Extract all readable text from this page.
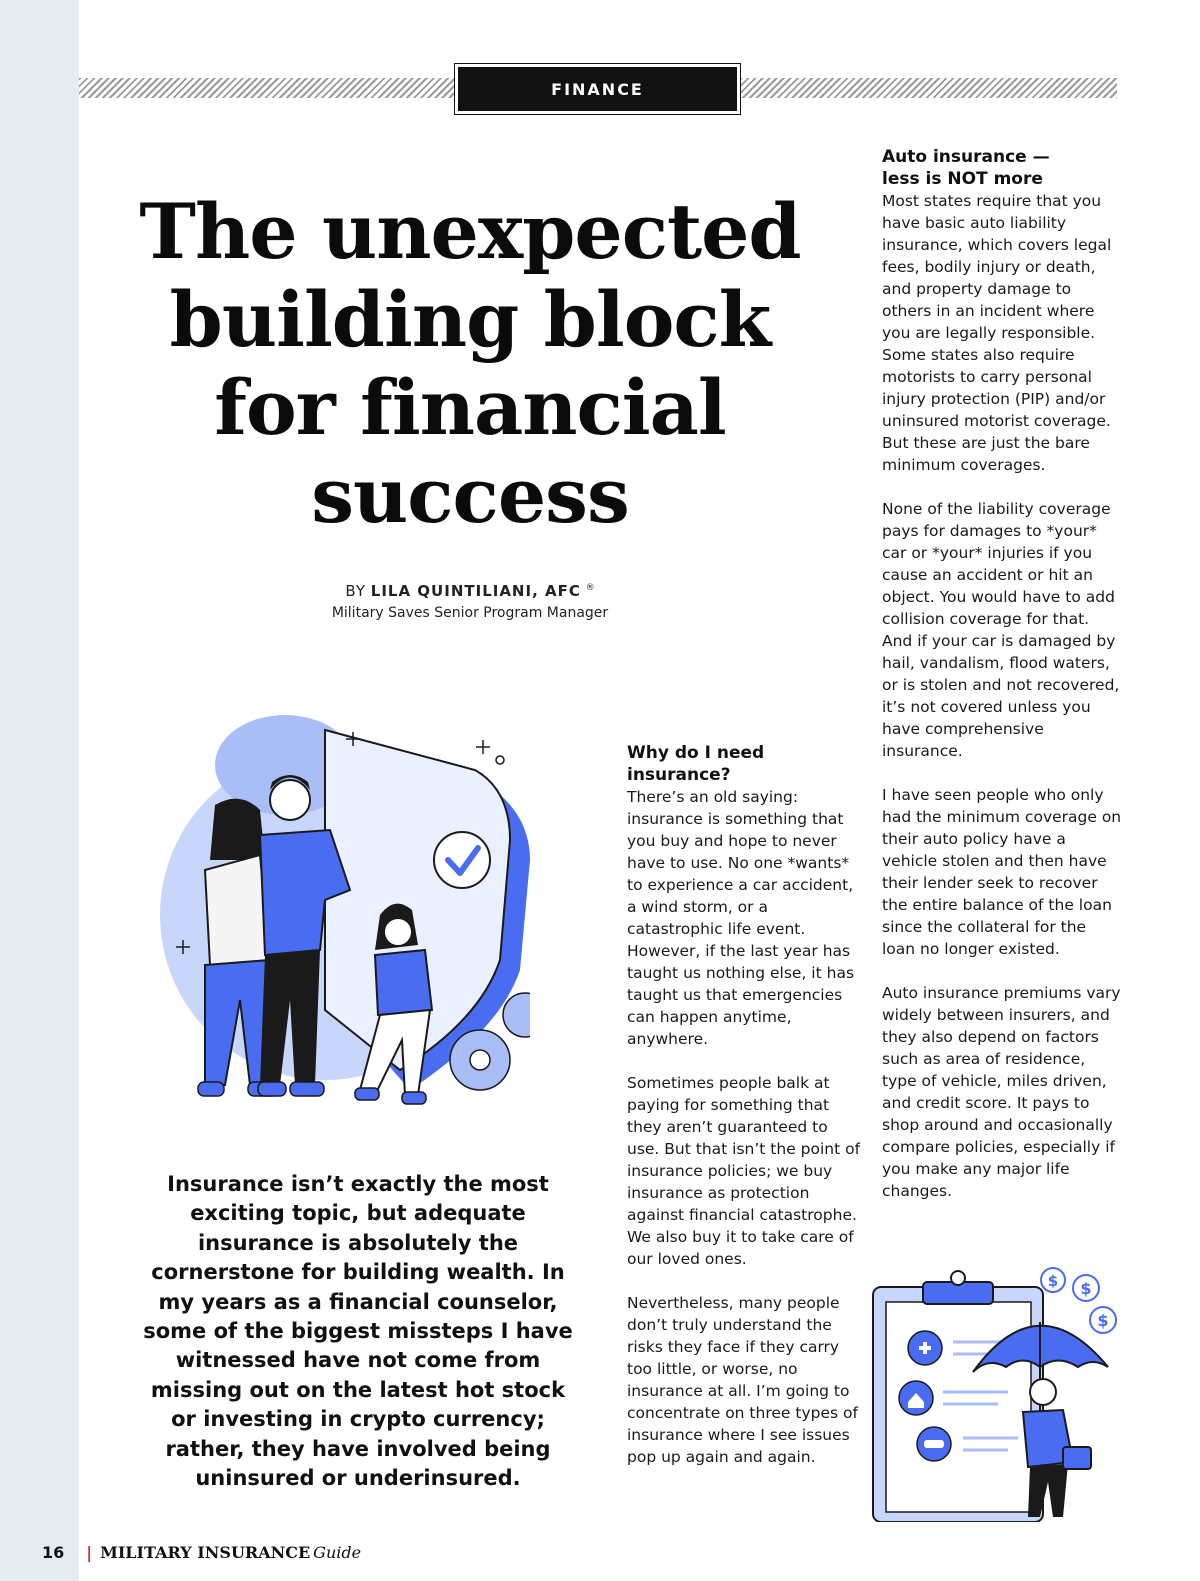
FINANCE
The unexpected
building block
for financial
success
BY LILA QUINTILIANI, AFC ®
Military Saves Senior Program Manager

Insurance isn’t exactly the most exciting topic, but adequate insurance is absolutely the cornerstone for building wealth. In my years as a financial counselor, some of the biggest missteps I have witnessed have not come from missing out on the latest hot stock or investing in crypto currency; rather, they have involved being uninsured or underinsured.

Why do I need insurance?

There’s an old saying: insurance is something that you buy and hope to never have to use. No one *wants* to experience a car accident, a wind storm, or a catastrophic life event. However, if the last year has taught us nothing else, it has taught us that emergencies can happen anytime, anywhere.

Sometimes people balk at paying for something that they aren’t guaranteed to use. But that isn’t the point of insurance policies; we buy insurance as protection against financial catastrophe. We also buy it to take care of our loved ones.

Nevertheless, many people don’t truly understand the risks they face if they carry too little, or worse, no insurance at all. I’m going to concentrate on three types of insurance where I see issues pop up again and again.

Auto insurance —
less is NOT more

Most states require that you have basic auto liability insurance, which covers legal fees, bodily injury or death, and property damage to others in an incident where you are legally responsible. Some states also require motorists to carry personal injury protection (PIP) and/or uninsured motorist coverage. But these are just the bare minimum coverages.

None of the liability coverage pays for damages to *your* car or *your* injuries if you cause an accident or hit an object. You would have to add collision coverage for that. And if your car is damaged by hail, vandalism, flood waters, or is stolen and not recovered, it’s not covered unless you have comprehensive insurance.

I have seen people who only had the minimum coverage on their auto policy have a vehicle stolen and then have their lender seek to recover the entire balance of the loan since the collateral for the loan no longer existed.

Auto insurance premiums vary widely between insurers, and they also depend on factors such as area of residence, type of vehicle, miles driven, and credit score. It pays to shop around and occasionally compare policies, especially if you make any major life changes.

$ $
$
16 | MILITARY INSURANCE Guide
